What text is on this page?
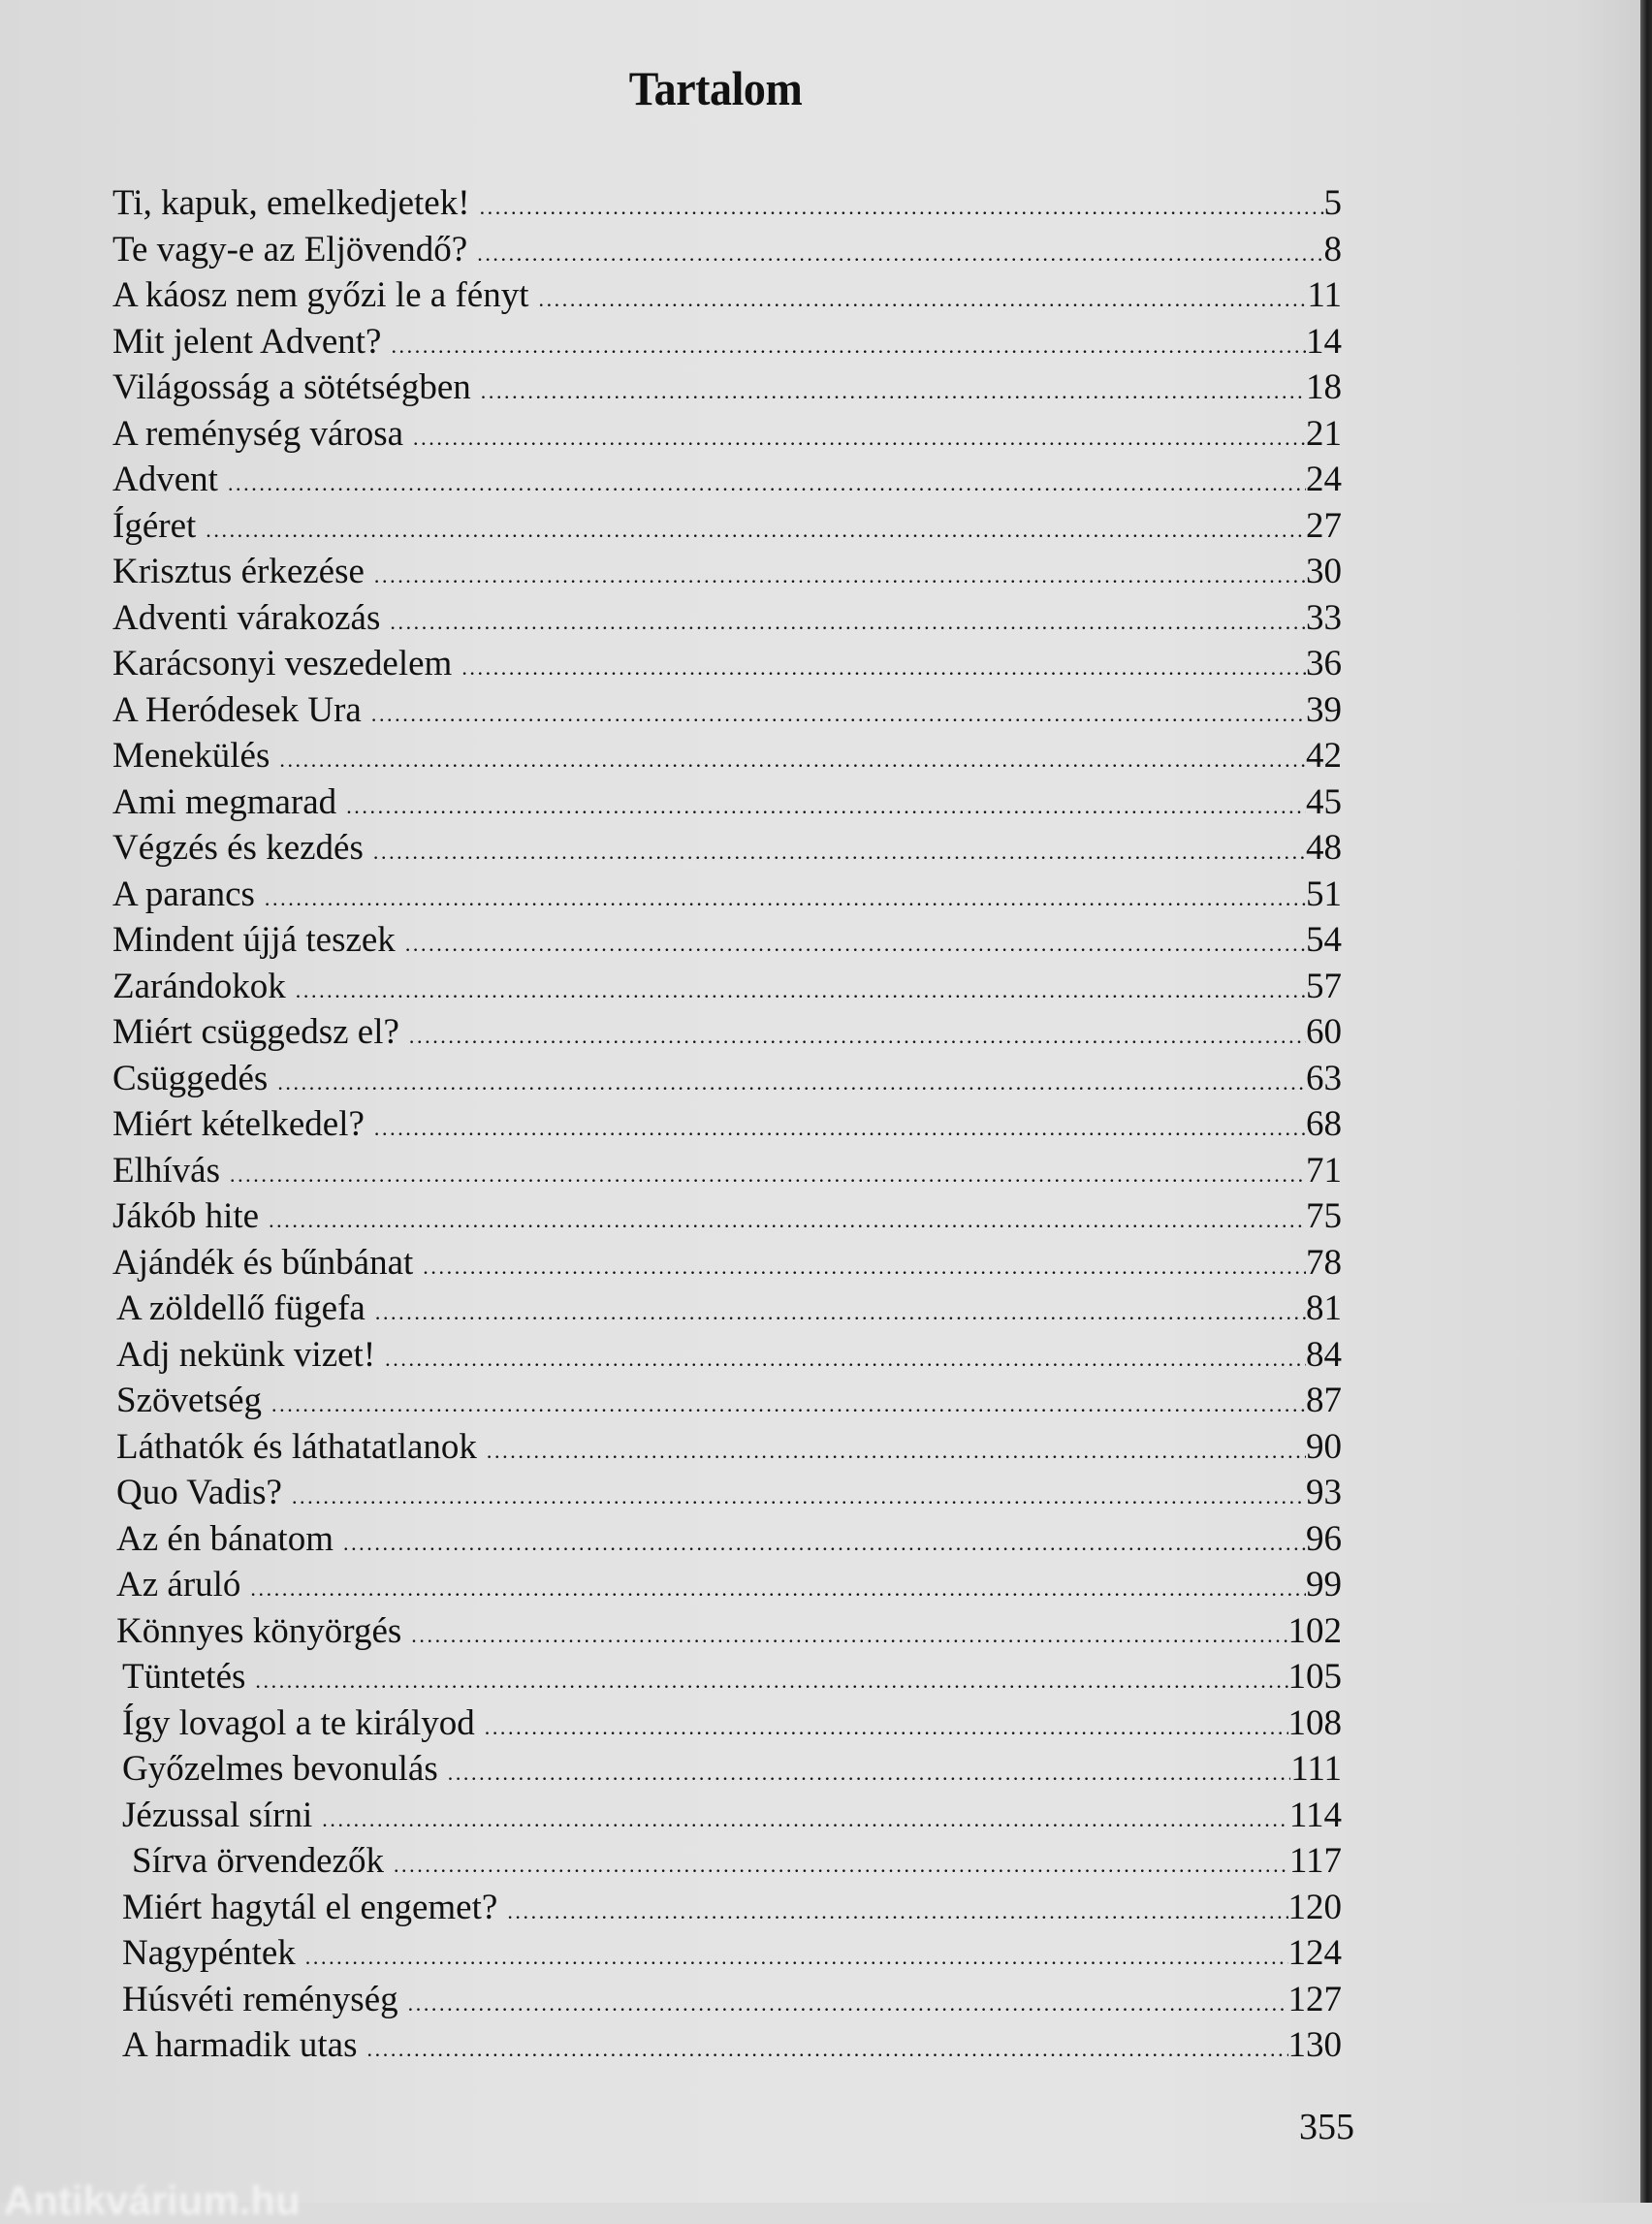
Tartalom
Ti, kapuk, emelkedjetek! .....	5
Te vagy-e az Eljövendő? .....	8
A káosz nem győzi le a fényt .....	11
Mit jelent Advent? .....	14
Világosság a sötétségben .....	18
A reménység városa .....	21
Advent .....	24
Ígéret .....	27
Krisztus érkezése .....	30
Adventi várakozás .....	33
Karácsonyi veszedelem .....	36
A Heródesek Ura .....	39
Menekülés .....	42
Ami megmarad .....	45
Végzés és kezdés .....	48
A parancs .....	51
Mindent újjá teszek .....	54
Zarándokok .....	57
Miért csüggedsz el? .....	60
Csüggedés .....	63
Miért kételkedel? .....	68
Elhívás .....	71
Jákób hite .....	75
Ajándék és bűnbánat .....	78
A zöldellő fügefa .....	81
Adj nekünk vizet! .....	84
Szövetség .....	87
Láthatók és láthatatlanok .....	90
Quo Vadis? .....	93
Az én bánatom .....	96
Az áruló .....	99
Könnyes könyörgés .....	102
Tüntetés .....	105
Így lovagol a te királyod .....	108
Győzelmes bevonulás .....	111
Jézussal sírni .....	114
Sírva örvendezők .....	117
Miért hagytál el engemet? .....	120
Nagypéntek .....	124
Húsvéti reménység .....	127
A harmadik utas .....	130
355
Antikvárium.hu
